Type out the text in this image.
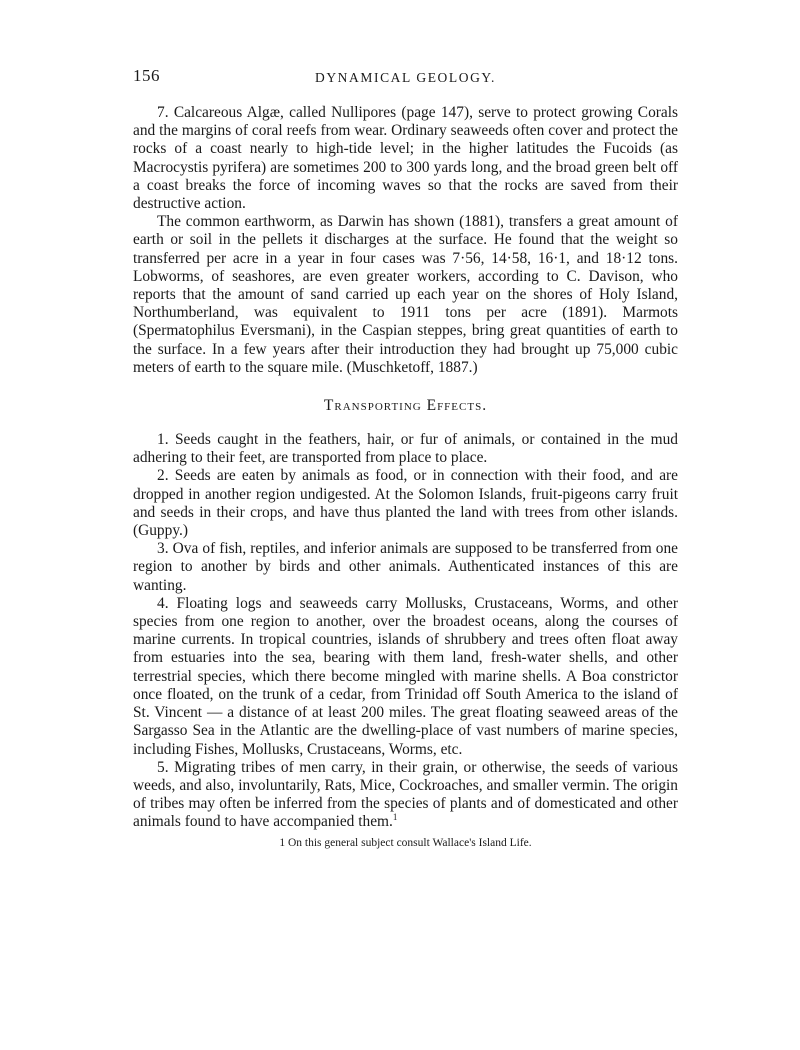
156	DYNAMICAL GEOLOGY.

7. Calcareous Algæ, called Nullipores (page 147), serve to protect growing Corals and the margins of coral reefs from wear. Ordinary seaweeds often cover and protect the rocks of a coast nearly to high-tide level; in the higher latitudes the Fucoids (as Macrocystis pyrifera) are sometimes 200 to 300 yards long, and the broad green belt off a coast breaks the force of incoming waves so that the rocks are saved from their destructive action.

The common earthworm, as Darwin has shown (1881), transfers a great amount of earth or soil in the pellets it discharges at the surface. He found that the weight so transferred per acre in a year in four cases was 7·56, 14·58, 16·1, and 18·12 tons. Lobworms, of seashores, are even greater workers, according to C. Davison, who reports that the amount of sand carried up each year on the shores of Holy Island, Northumberland, was equivalent to 1911 tons per acre (1891). Marmots (Spermatophilus Eversmani), in the Caspian steppes, bring great quantities of earth to the surface. In a few years after their introduction they had brought up 75,000 cubic meters of earth to the square mile. (Muschketoff, 1887.)

Transporting Effects.

1. Seeds caught in the feathers, hair, or fur of animals, or contained in the mud adhering to their feet, are transported from place to place.

2. Seeds are eaten by animals as food, or in connection with their food, and are dropped in another region undigested. At the Solomon Islands, fruit-pigeons carry fruit and seeds in their crops, and have thus planted the land with trees from other islands. (Guppy.)

3. Ova of fish, reptiles, and inferior animals are supposed to be transferred from one region to another by birds and other animals. Authenticated instances of this are wanting.

4. Floating logs and seaweeds carry Mollusks, Crustaceans, Worms, and other species from one region to another, over the broadest oceans, along the courses of marine currents. In tropical countries, islands of shrubbery and trees often float away from estuaries into the sea, bearing with them land, fresh-water shells, and other terrestrial species, which there become mingled with marine shells. A Boa constrictor once floated, on the trunk of a cedar, from Trinidad off South America to the island of St. Vincent — a distance of at least 200 miles. The great floating seaweed areas of the Sargasso Sea in the Atlantic are the dwelling-place of vast numbers of marine species, including Fishes, Mollusks, Crustaceans, Worms, etc.

5. Migrating tribes of men carry, in their grain, or otherwise, the seeds of various weeds, and also, involuntarily, Rats, Mice, Cockroaches, and smaller vermin. The origin of tribes may often be inferred from the species of plants and of domesticated and other animals found to have accompanied them.$^1$

1 On this general subject consult Wallace's Island Life.
